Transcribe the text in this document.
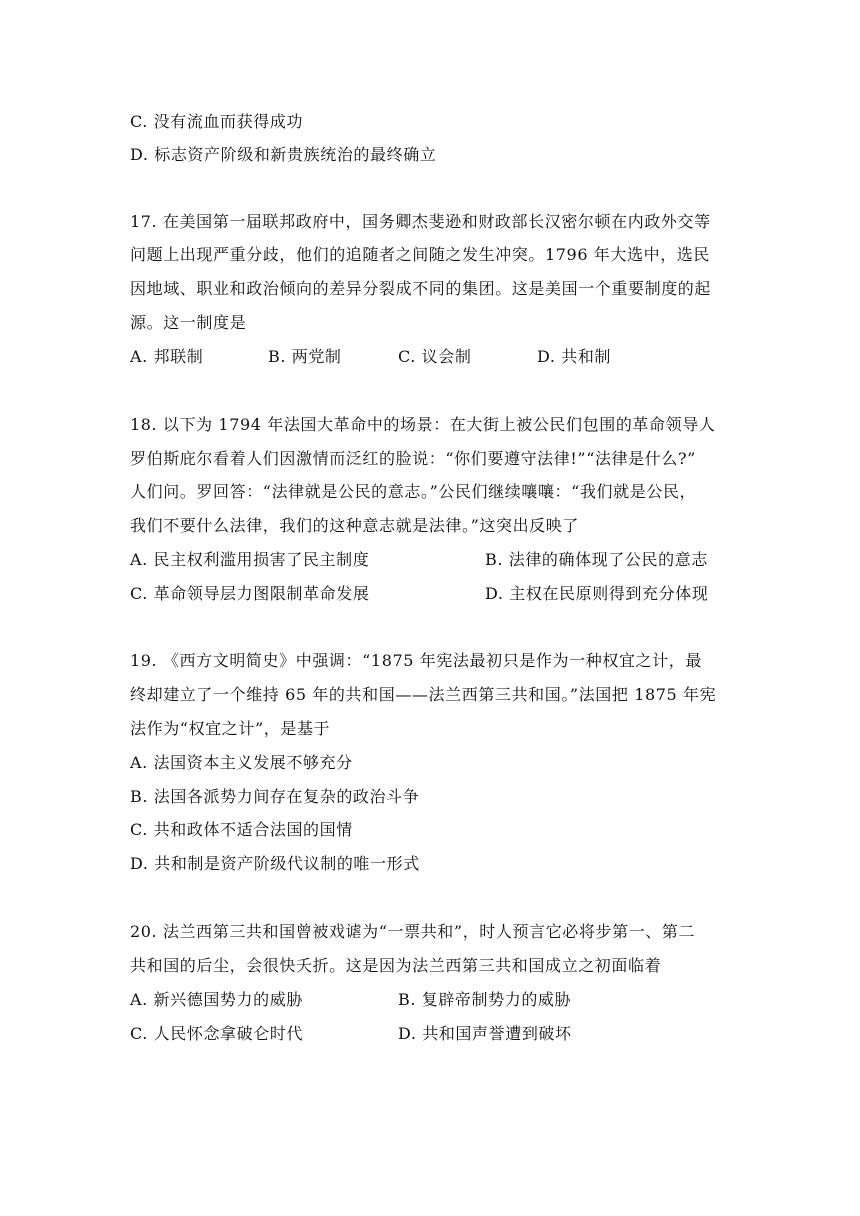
C. 没有流血而获得成功
D. 标志资产阶级和新贵族统治的最终确立
17. 在美国第一届联邦政府中，国务卿杰斐逊和财政部长汉密尔顿在内政外交等
问题上出现严重分歧，他们的追随者之间随之发生冲突。1796 年大选中，选民
因地域、职业和政治倾向的差异分裂成不同的集团。这是美国一个重要制度的起
源。这一制度是
A. 邦联制	B. 两党制	C. 议会制	D. 共和制
18. 以下为 1794 年法国大革命中的场景：在大街上被公民们包围的革命领导人
罗伯斯庇尔看着人们因激情而泛红的脸说：“你们要遵守法律!”“法律是什么?”
人们问。罗回答：“法律就是公民的意志。”公民们继续嚷嚷：“我们就是公民，
我们不要什么法律，我们的这种意志就是法律。”这突出反映了
A. 民主权利滥用损害了民主制度	B. 法律的确体现了公民的意志
C. 革命领导层力图限制革命发展	D. 主权在民原则得到充分体现
19. 《西方文明简史》中强调：“1875 年宪法最初只是作为一种权宜之计，最
终却建立了一个维持 65 年的共和国——法兰西第三共和国。”法国把 1875 年宪
法作为“权宜之计”，是基于
A. 法国资本主义发展不够充分
B. 法国各派势力间存在复杂的政治斗争
C. 共和政体不适合法国的国情
D. 共和制是资产阶级代议制的唯一形式
20. 法兰西第三共和国曾被戏谑为“一票共和”，时人预言它必将步第一、第二
共和国的后尘，会很快夭折。这是因为法兰西第三共和国成立之初面临着
A. 新兴德国势力的威胁	B. 复辟帝制势力的威胁
C. 人民怀念拿破仑时代	D. 共和国声誉遭到破坏
